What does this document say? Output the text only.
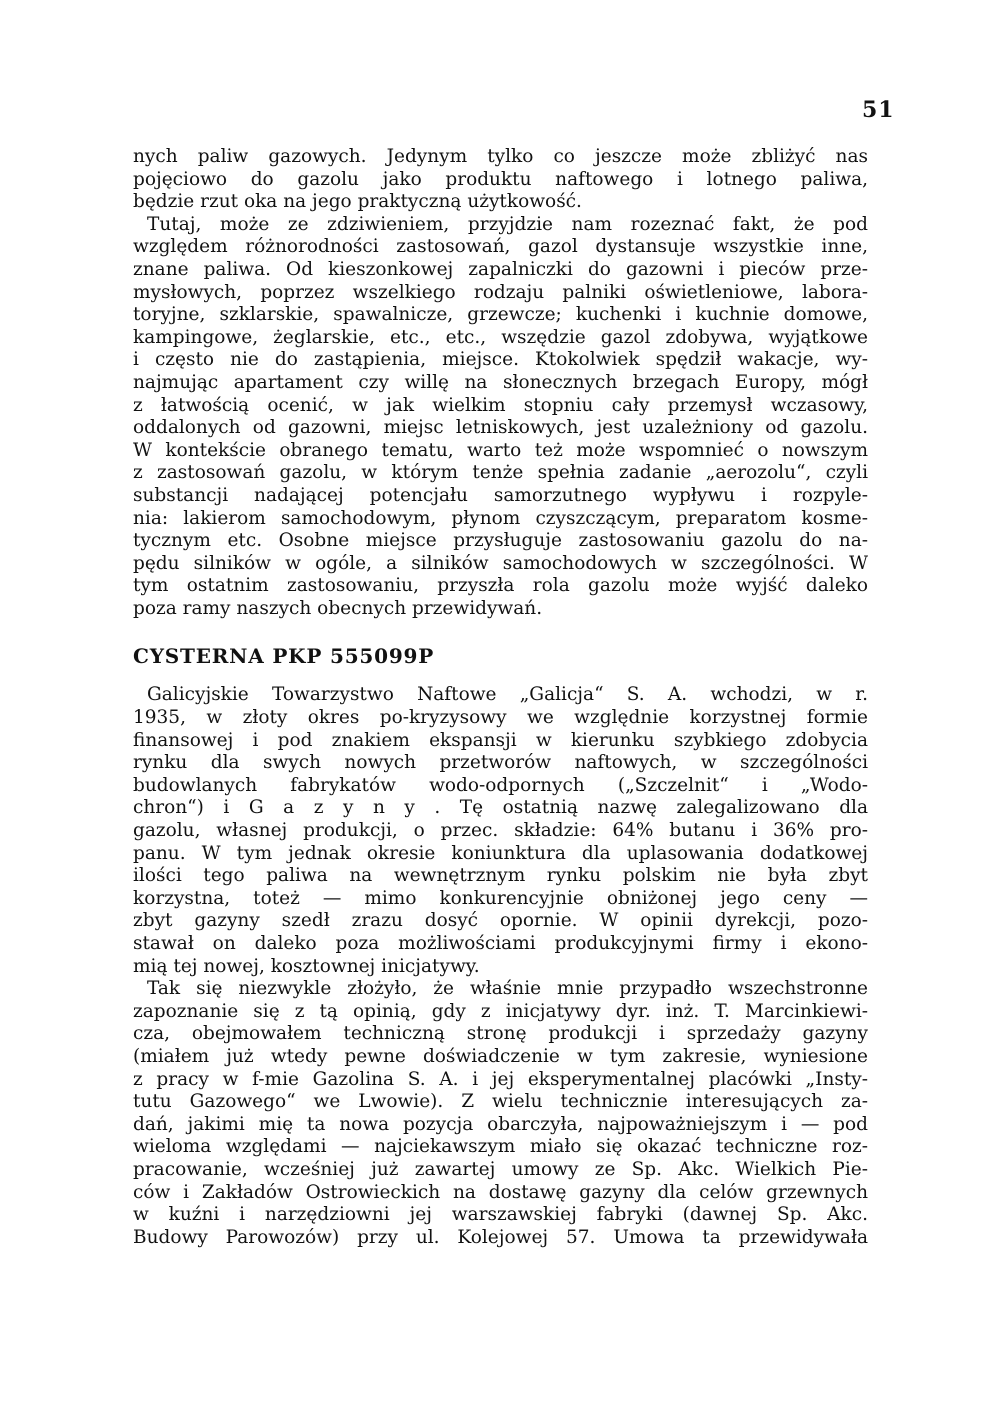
51
nych paliw gazowych. Jedynym tylko co jeszcze może zbliżyć nas
pojęciowo do gazolu jako produktu naftowego i lotnego paliwa,
będzie rzut oka na jego praktyczną użytkowość.
Tutaj, może ze zdziwieniem, przyjdzie nam rozeznać fakt, że pod
względem różnorodności zastosowań, gazol dystansuje wszystkie inne,
znane paliwa. Od kieszonkowej zapalniczki do gazowni i pieców prze-
mysłowych, poprzez wszelkiego rodzaju palniki oświetleniowe, labora-
toryjne, szklarskie, spawalnicze, grzewcze; kuchenki i kuchnie domowe,
kampingowe, żeglarskie, etc., etc., wszędzie gazol zdobywa, wyjątkowe
i często nie do zastąpienia, miejsce. Ktokolwiek spędził wakacje, wy-
najmując apartament czy willę na słonecznych brzegach Europy, mógł
z łatwością ocenić, w jak wielkim stopniu cały przemysł wczasowy,
oddalonych od gazowni, miejsc letniskowych, jest uzależniony od gazolu.
W kontekście obranego tematu, warto też może wspomnieć o nowszym
z zastosowań gazolu, w którym tenże spełnia zadanie „aerozolu“, czyli
substancji nadającej potencjału samorzutnego wypływu i rozpyle-
nia: lakierom samochodowym, płynom czyszczącym, preparatom kosme-
tycznym etc. Osobne miejsce przysługuje zastosowaniu gazolu do na-
pędu silników w ogóle, a silników samochodowych w szczególności. W
tym ostatnim zastosowaniu, przyszła rola gazolu może wyjść daleko
poza ramy naszych obecnych przewidywań.
CYSTERNA PKP 555099P
Galicyjskie Towarzystwo Naftowe „Galicja“ S. A. wchodzi, w r.
1935, w złoty okres po-kryzysowy we względnie korzystnej formie
finansowej i pod znakiem ekspansji w kierunku szybkiego zdobycia
rynku dla swych nowych przetworów naftowych, w szczególności
budowlanych fabrykatów wodo-odpornych („Szczelnit“ i „Wodo-
chron“) i G a z y n y . Tę ostatnią nazwę zalegalizowano dla
gazolu, własnej produkcji, o przec. składzie: 64% butanu i 36% pro-
panu. W tym jednak okresie koniunktura dla uplasowania dodatkowej
ilości tego paliwa na wewnętrznym rynku polskim nie była zbyt
korzystna, toteż — mimo konkurencyjnie obniżonej jego ceny —
zbyt gazyny szedł zrazu dosyć opornie. W opinii dyrekcji, pozo-
stawał on daleko poza możliwościami produkcyjnymi firmy i ekono-
mią tej nowej, kosztownej inicjatywy.
Tak się niezwykle złożyło, że właśnie mnie przypadło wszechstronne
zapoznanie się z tą opinią, gdy z inicjatywy dyr. inż. T. Marcinkiewi-
cza, obejmowałem techniczną stronę produkcji i sprzedaży gazyny
(miałem już wtedy pewne doświadczenie w tym zakresie, wyniesione
z pracy w f-mie Gazolina S. A. i jej eksperymentalnej placówki „Insty-
tutu Gazowego“ we Lwowie). Z wielu technicznie interesujących za-
dań, jakimi mię ta nowa pozycja obarczyła, najpoważniejszym i — pod
wieloma względami — najciekawszym miało się okazać techniczne roz-
pracowanie, wcześniej już zawartej umowy ze Sp. Akc. Wielkich Pie-
ców i Zakładów Ostrowieckich na dostawę gazyny dla celów grzewnych
w kuźni i narzędziowni jej warszawskiej fabryki (dawnej Sp. Akc.
Budowy Parowozów) przy ul. Kolejowej 57. Umowa ta przewidywała
